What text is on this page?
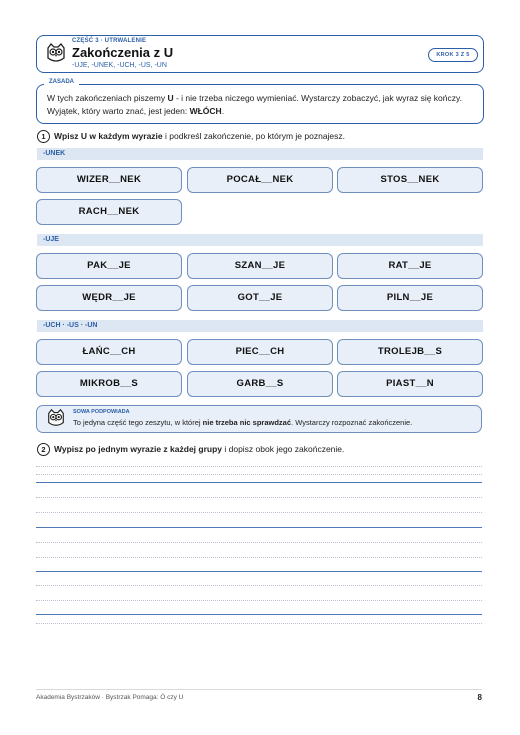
CZĘŚĆ 3 · UTRWALENIE
Zakończenia z U
-UJE, -UNEK, -UCH, -US, -UN
KROK 3 Z 5
ZASADA
W tych zakończeniach piszemy U - i nie trzeba niczego wymieniać. Wystarczy zobaczyć, jak wyraz się kończy. Wyjątek, który warto znać, jest jeden: WŁÓCH.
1 Wpisz U w każdym wyrazie i podkreśl zakończenie, po którym je poznajesz.
-UNEK
WIZER__NEK	POCAŁ__NEK	STOS__NEK
RACH__NEK
-UJE
PAK__JE	SZAN__JE	RAT__JE
WĘDR__JE	GOT__JE	PILN__JE
-UCH · -US · -UN
ŁAŃC__CH	PIEC__CH	TROLEJB__S
MIKROB__S	GARB__S	PIAST__N
SOWA PODPOWIADA
To jedyna część tego zeszytu, w której nie trzeba nic sprawdzać. Wystarczy rozpoznać zakończenie.
2 Wypisz po jednym wyrazie z każdej grupy i dopisz obok jego zakończenie.
Akademia Bystrzaków · Bystrzak Pomaga: Ó czy U	8
